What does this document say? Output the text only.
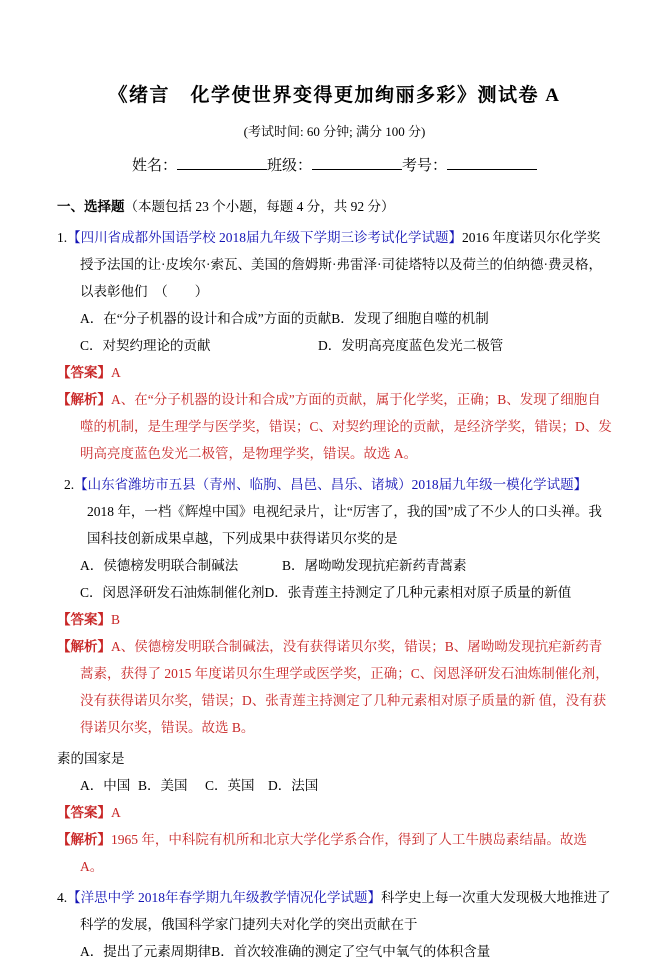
《绪言　化学使世界变得更加绚丽多彩》测试卷 A
(考试时间: 60 分钟; 满分 100 分)
姓名：	班级：	考号：
一、选择题（本题包括 23 个小题，每题 4 分，共 92 分）
1.【四川省成都外国语学校 2018届九年级下学期三诊考试化学试题】2016 年度诺贝尔化学奖授予法国的让·皮埃尔·索瓦、美国的詹姆斯·弗雷泽·司徒塔特以及荷兰的伯纳德·费灵格，以表彰他们　（　　）
A．在“分子机器的设计和合成”方面的贡献B．发现了细胞自噬的机制
C．对契约理论的贡献	D．发明高亮度蓝色发光二极管
【答案】A
【解析】A、在“分子机器的设计和合成”方面的贡献，属于化学奖，正确；B、发现了细胞自噬的机制，是生理学与医学奖，错误；C、对契约理论的贡献，是经济学奖，错误；D、发明高亮度蓝色发光二极管，是物理学奖，错误。故选 A。
2.【山东省潍坊市五县（青州、临朐、昌邑、昌乐、诸城）2018届九年级一模化学试题】2018 年，一档《辉煌中国》电视纪录片，让“厉害了，我的国”成了不少人的口头禅。我国科技创新成果卓越，下列成果中获得诺贝尔奖的是
A．侯德榜发明联合制碱法	B．屠呦呦发现抗疟新药青蒿素
C．闵恩泽研发石油炼制催化剂D．张青莲主持测定了几种元素相对原子质量的新值
【答案】B
【解析】A、侯德榜发明联合制碱法，没有获得诺贝尔奖，错误；B、屠呦呦发现抗疟新药青蒿素，获得了 2015 年度诺贝尔生理学或医学奖，正确；C、闵恩泽研发石油炼制催化剂，没有获得诺贝尔奖，错误；D、张青莲主持测定了几种元素相对原子质量的新 值，没有获得诺贝尔奖，错误。故选 B。
素的国家是
A．中国 B．美国 C．英国 D．法国
【答案】A
【解析】1965 年，中科院有机所和北京大学化学系合作，得到了人工牛胰岛素结晶。故选 A。
4.【洋思中学 2018年春学期九年级教学情况化学试题】科学史上每一次重大发现极大地推进了科学的发展，俄国科学家门捷列夫对化学的突出贡献在于
A．提出了元素周期律B．首次较准确的测定了空气中氧气的体积含量
